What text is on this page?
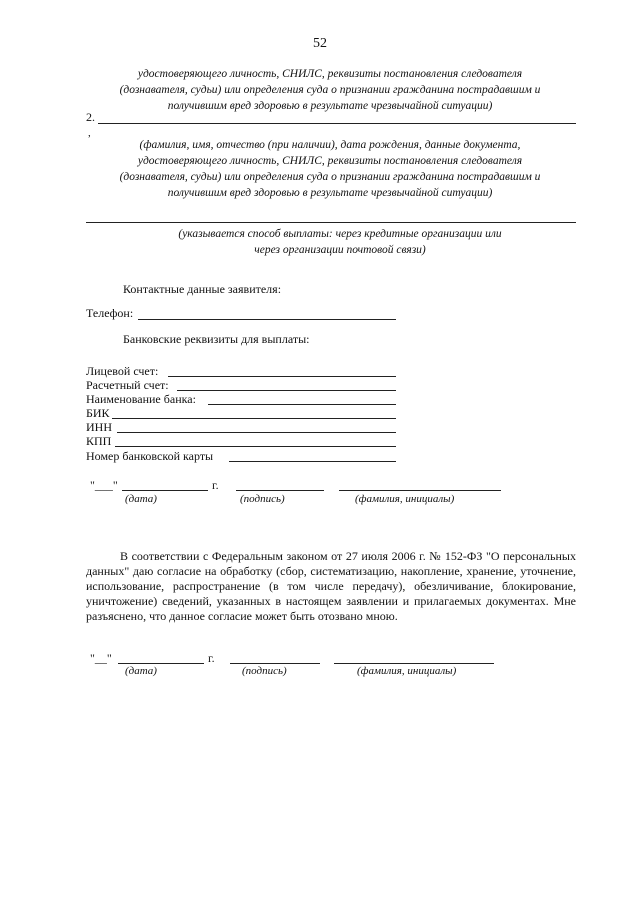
52
удостоверяющего личность, СНИЛС, реквизиты постановления следователя
(дознавателя, судьи) или определения суда о признании гражданина пострадавшим и
получившим вред здоровью в результате чрезвычайной ситуации)
2.
,
(фамилия, имя, отчество (при наличии), дата рождения, данные документа,
удостоверяющего личность, СНИЛС, реквизиты постановления следователя
(дознавателя, судьи) или определения суда о признании гражданина пострадавшим и
получившим вред здоровью в результате чрезвычайной ситуации)
(указывается способ выплаты: через кредитные организации или
через организации почтовой связи)
Контактные данные заявителя:
Телефон:
Банковские реквизиты для выплаты:
Лицевой счет:
Расчетный счет:
Наименование банка:
БИК
ИНН
КПП
Номер банковской карты
"___"	г.
(дата)	(подпись)	(фамилия, инициалы)
В соответствии с Федеральным законом от 27 июля 2006 г. № 152-ФЗ "О персональных данных" даю согласие на обработку (сбор, систематизацию, накопление, хранение, уточнение, использование, распространение (в том числе передачу), обезличивание, блокирование, уничтожение) сведений, указанных в настоящем заявлении и прилагаемых документах. Мне разъяснено, что данное согласие может быть отозвано мною.
"__"	г.
(дата)	(подпись)	(фамилия, инициалы)
